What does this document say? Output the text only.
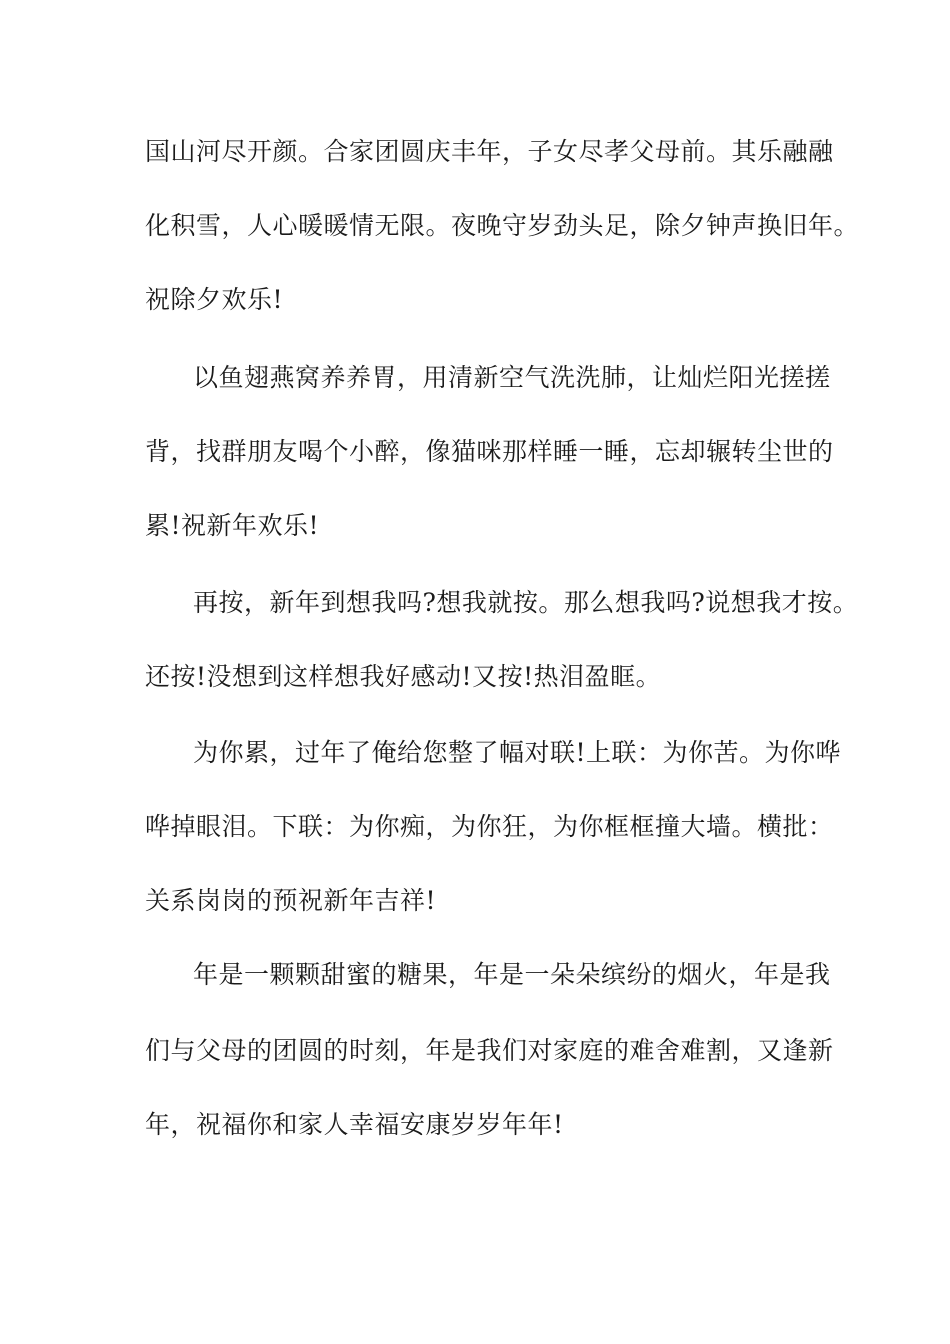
国山河尽开颜。合家团圆庆丰年，子女尽孝父母前。其乐融融
化积雪，人心暖暖情无限。夜晚守岁劲头足，除夕钟声换旧年。
祝除夕欢乐!
以鱼翅燕窝养养胃，用清新空气洗洗肺，让灿烂阳光搓搓
背，找群朋友喝个小醉，像猫咪那样睡一睡，忘却辗转尘世的
累!祝新年欢乐!
再按，新年到想我吗?想我就按。那么想我吗?说想我才按。
还按!没想到这样想我好感动!又按!热泪盈眶。
为你累，过年了俺给您整了幅对联!上联：为你苦。为你哗
哗掉眼泪。下联：为你痴，为你狂，为你框框撞大墙。横批：
关系岗岗的预祝新年吉祥!
年是一颗颗甜蜜的糖果，年是一朵朵缤纷的烟火，年是我
们与父母的团圆的时刻，年是我们对家庭的难舍难割，又逢新
年，祝福你和家人幸福安康岁岁年年!
